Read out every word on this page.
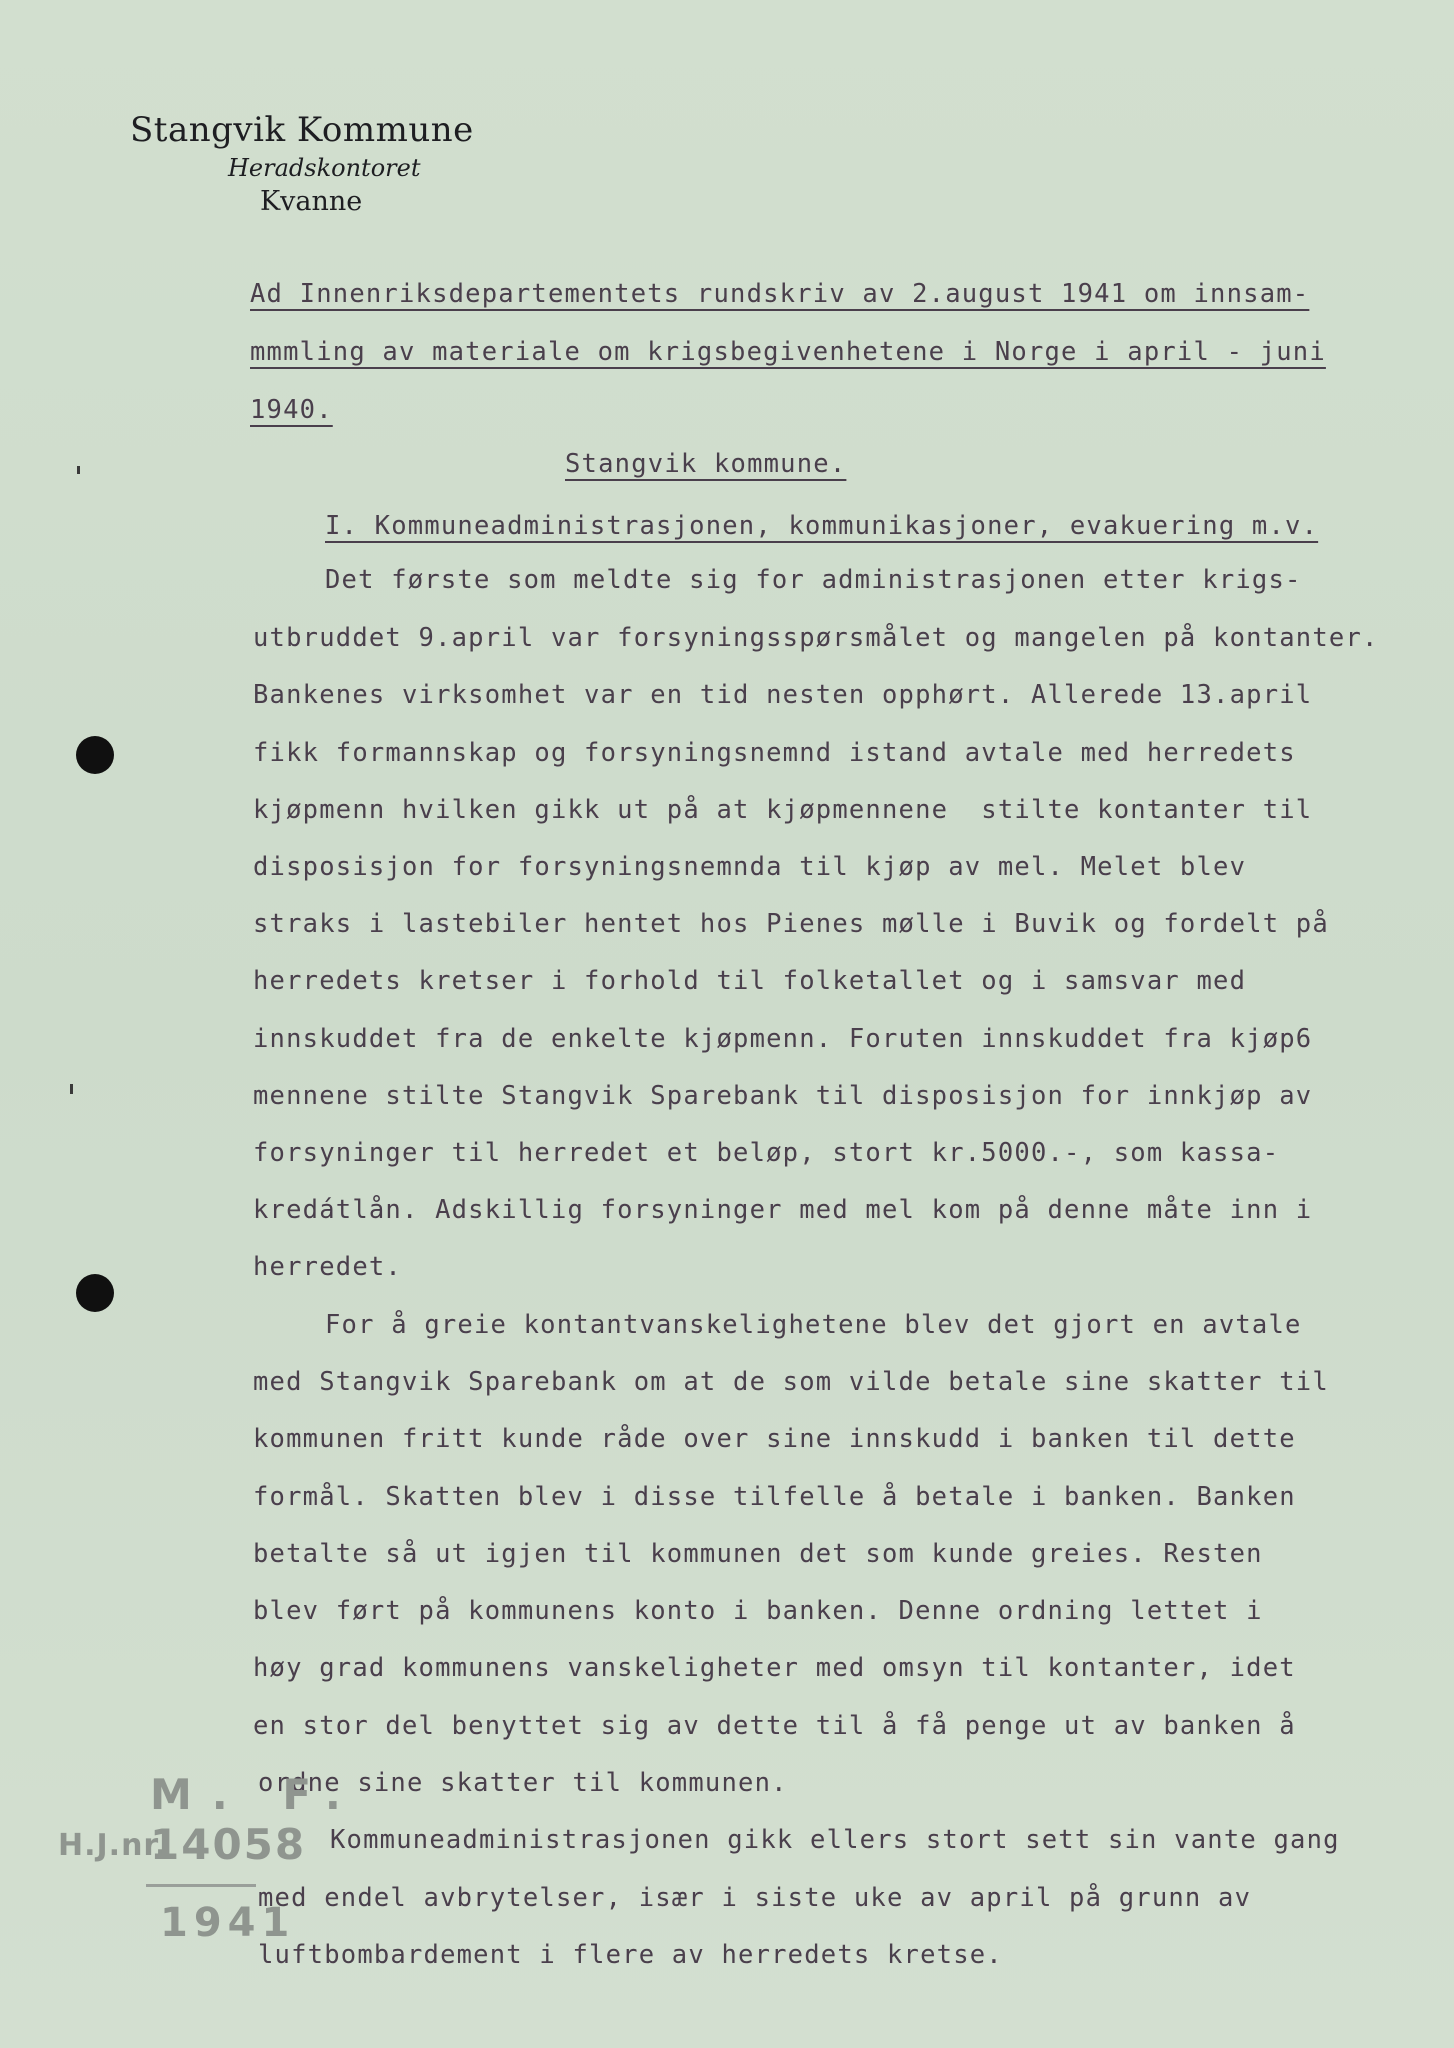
Stangvik Kommune
Heradskontoret
Kvanne
Ad Innenriksdepartementets rundskriv av 2.august 1941 om innsam-
mmmling av materiale om krigsbegivenhetene i Norge i april - juni
1940.
Stangvik kommune.
I. Kommuneadministrasjonen, kommunikasjoner, evakuering m.v.
Det første som meldte sig for administrasjonen etter krigs-
utbruddet 9.april var forsyningsspørsmålet og mangelen på kontanter.
Bankenes virksomhet var en tid nesten opphørt. Allerede 13.april
fikk formannskap og forsyningsnemnd istand avtale med herredets
kjøpmenn hvilken gikk ut på at kjøpmennene  stilte kontanter til
disposisjon for forsyningsnemnda til kjøp av mel. Melet blev
straks i lastebiler hentet hos Pienes mølle i Buvik og fordelt på
herredets kretser i forhold til folketallet og i samsvar med
innskuddet fra de enkelte kjøpmenn. Foruten innskuddet fra kjøp6
mennene stilte Stangvik Sparebank til disposisjon for innkjøp av
forsyninger til herredet et beløp, stort kr.5000.-, som kassa-
kredátlån. Adskillig forsyninger med mel kom på denne måte inn i
herredet.
For å greie kontantvanskelighetene blev det gjort en avtale
med Stangvik Sparebank om at de som vilde betale sine skatter til
kommunen fritt kunde råde over sine innskudd i banken til dette
formål. Skatten blev i disse tilfelle å betale i banken. Banken
betalte så ut igjen til kommunen det som kunde greies. Resten
blev ført på kommunens konto i banken. Denne ordning lettet i
høy grad kommunens vanskeligheter med omsyn til kontanter, idet
en stor del benyttet sig av dette til å få penge ut av banken å
ordne sine skatter til kommunen.
Kommuneadministrasjonen gikk ellers stort sett sin vante gang
med endel avbrytelser, især i siste uke av april på grunn av
luftbombardement i flere av herredets kretse.
M. F.
H.J.nr.
14058
1941
